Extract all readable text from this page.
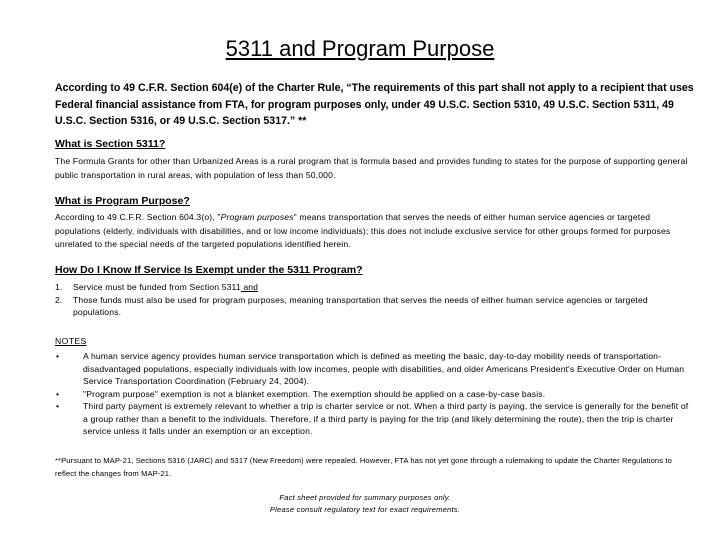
5311 and Program Purpose
According to 49 C.F.R. Section 604(e) of the Charter Rule, “The requirements of this part shall not apply to a recipient that uses Federal financial assistance from FTA, for program purposes only, under 49 U.S.C. Section 5310, 49 U.S.C. Section 5311, 49 U.S.C. Section 5316, or 49 U.S.C. Section 5317.” **
What is Section 5311?
The Formula Grants for other than Urbanized Areas is a rural program that is formula based and provides funding to states for the purpose of supporting general public transportation in rural areas, with population of less than 50,000.
What is Program Purpose?
According to 49 C.F.R. Section 604.3(o), "Program purposes" means transportation that serves the needs of either human service agencies or targeted populations (elderly, individuals with disabilities, and or low income individuals); this does not include exclusive service for other groups formed for purposes unrelated to the special needs of the targeted populations identified herein.
How Do I Know If Service Is Exempt under the 5311 Program?
1.	Service must be funded from Section 5311 and
2.	Those funds must also be used for program purposes, meaning transportation that serves the needs of either human service agencies or targeted populations.
NOTES
•	A human service agency provides human service transportation which is defined as meeting the basic, day-to-day mobility needs of transportation-disadvantaged populations, especially individuals with low incomes, people with disabilities, and older Americans President's Executive Order on Human Service Transportation Coordination (February 24, 2004).
•	"Program purpose" exemption is not a blanket exemption. The exemption should be applied on a case-by-case basis.
•	Third party payment is extremely relevant to whether a trip is charter service or not. When a third party is paying, the service is generally for the benefit of a group rather than a benefit to the individuals. Therefore, if a third party is paying for the trip (and likely determining the route), then the trip is charter service unless it falls under an exemption or an exception.
**Pursuant to MAP-21, Sections 5316 (JARC) and 5317 (New Freedom) were repealed. However, FTA has not yet gone through a rulemaking to update the Charter Regulations to reflect the changes from MAP-21.
Fact sheet provided for summary purposes only.
Please consult regulatory text for exact requirements.
